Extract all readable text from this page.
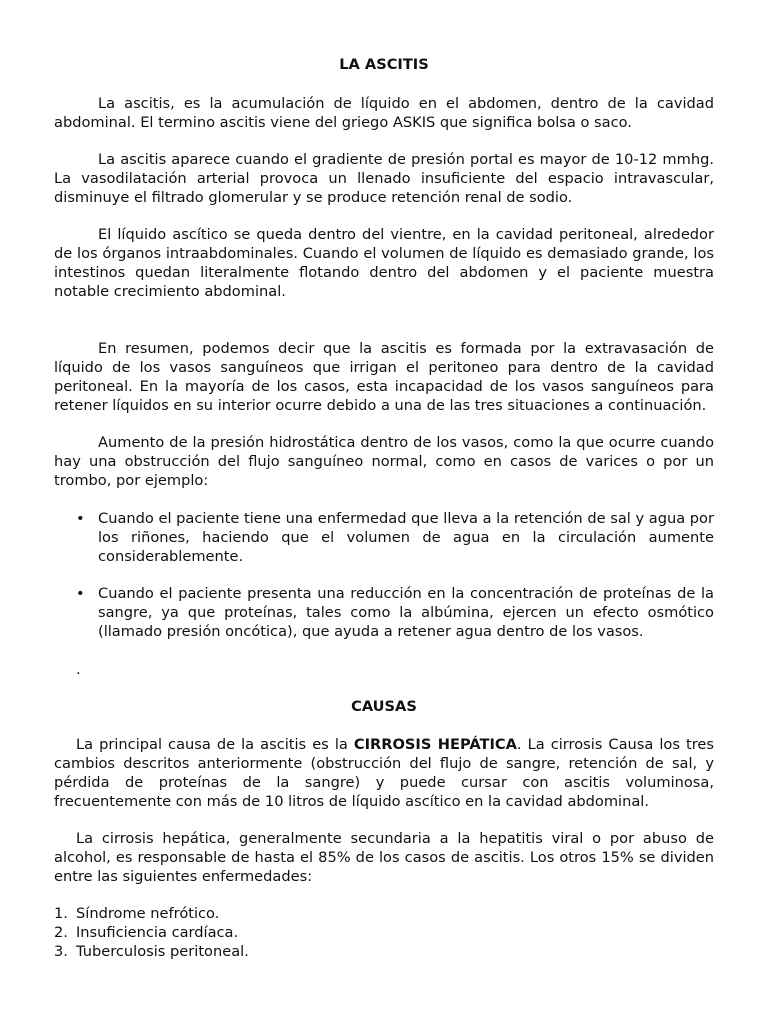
LA ASCITIS

La ascitis, es la acumulación de líquido en el abdomen, dentro de la cavidad abdominal. El termino ascitis viene del griego ASKIS que significa bolsa o saco.

La ascitis aparece cuando el gradiente de presión portal es mayor de 10-12 mmhg. La vasodilatación arterial provoca un llenado insuficiente del espacio intravascular, disminuye el filtrado glomerular y se produce retención renal de sodio.

El líquido ascítico se queda dentro del vientre, en la cavidad peritoneal, alrededor de los órganos intraabdominales. Cuando el volumen de líquido es demasiado grande, los intestinos quedan literalmente flotando dentro del abdomen y el paciente muestra notable crecimiento abdominal.

En resumen, podemos decir que la ascitis es formada por la extravasación de líquido de los vasos sanguíneos que irrigan el peritoneo para dentro de la cavidad peritoneal. En la mayoría de los casos, esta incapacidad de los vasos sanguíneos para retener líquidos en su interior ocurre debido a una de las tres situaciones a continuación.

Aumento de la presión hidrostática dentro de los vasos, como la que ocurre cuando hay una obstrucción del flujo sanguíneo normal, como en casos de varices o por un trombo, por ejemplo:

• Cuando el paciente tiene una enfermedad que lleva a la retención de sal y agua por los riñones, haciendo que el volumen de agua en la circulación aumente considerablemente.
• Cuando el paciente presenta una reducción en la concentración de proteínas de la sangre, ya que proteínas, tales como la albúmina, ejercen un efecto osmótico (llamado presión oncótica), que ayuda a retener agua dentro de los vasos.
.
CAUSAS

La principal causa de la ascitis es la CIRROSIS HEPÁTICA. La cirrosis Causa los tres cambios descritos anteriormente (obstrucción del flujo de sangre, retención de sal, y pérdida de proteínas de la sangre) y puede cursar con ascitis voluminosa, frecuentemente con más de 10 litros de líquido ascítico en la cavidad abdominal.

La cirrosis hepática, generalmente secundaria a la hepatitis viral o por abuso de alcohol, es responsable de hasta el 85% de los casos de ascitis. Los otros 15% se dividen entre las siguientes enfermedades:

1. Síndrome nefrótico.
2. Insuficiencia cardíaca.
3. Tuberculosis peritoneal.
